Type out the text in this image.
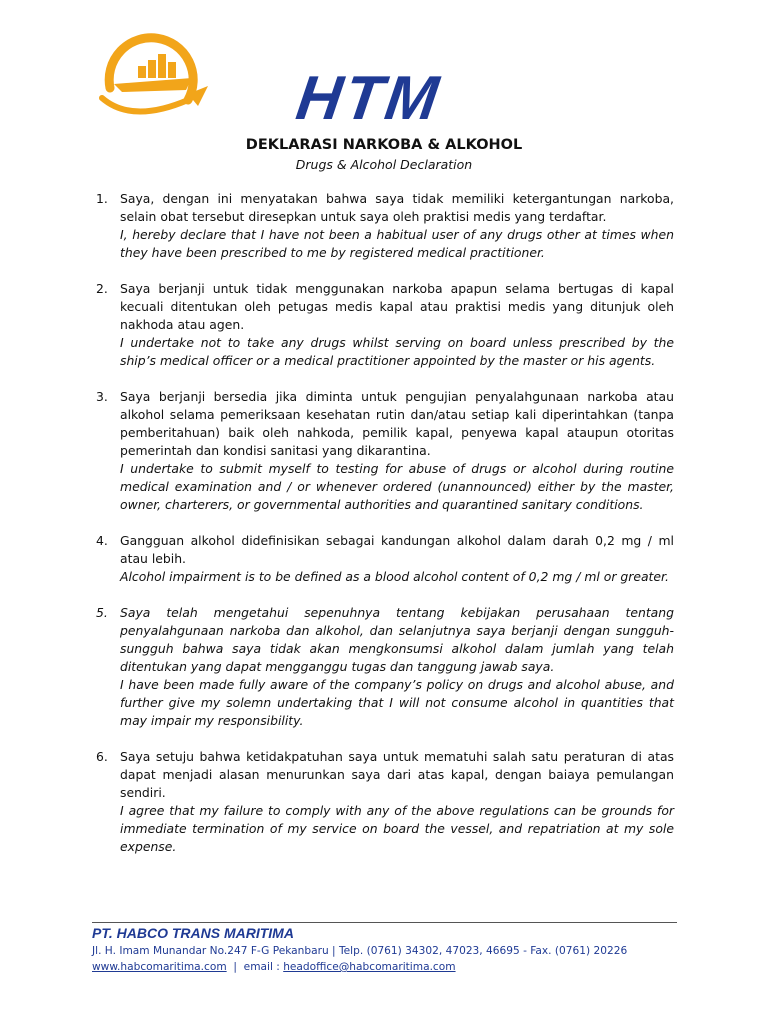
HTM
DEKLARASI NARKOBA & ALKOHOL
Drugs & Alcohol Declaration
1. Saya, dengan ini menyatakan bahwa saya tidak memiliki ketergantungan narkoba, selain obat tersebut diresepkan untuk saya oleh praktisi medis yang terdaftar.
I, hereby declare that I have not been a habitual user of any drugs other at times when they have been prescribed to me by registered medical practitioner.
2. Saya berjanji untuk tidak menggunakan narkoba apapun selama bertugas di kapal kecuali ditentukan oleh petugas medis kapal atau praktisi medis yang ditunjuk oleh nakhoda atau agen.
I undertake not to take any drugs whilst serving on board unless prescribed by the ship’s medical officer or a medical practitioner appointed by the master or his agents.
3. Saya berjanji bersedia jika diminta untuk pengujian penyalahgunaan narkoba atau alkohol selama pemeriksaan kesehatan rutin dan/atau setiap kali diperintahkan (tanpa pemberitahuan) baik oleh nahkoda, pemilik kapal, penyewa kapal ataupun otoritas pemerintah dan kondisi sanitasi yang dikarantina.
I undertake to submit myself to testing for abuse of drugs or alcohol during routine medical examination and / or whenever ordered (unannounced) either by the master, owner, charterers, or governmental authorities and quarantined sanitary conditions.
4. Gangguan alkohol didefinisikan sebagai kandungan alkohol dalam darah 0,2 mg / ml atau lebih.
Alcohol impairment is to be defined as a blood alcohol content of 0,2 mg / ml or greater.
5. Saya telah mengetahui sepenuhnya tentang kebijakan perusahaan tentang penyalahgunaan narkoba dan alkohol, dan selanjutnya saya berjanji dengan sungguh-sungguh bahwa saya tidak akan mengkonsumsi alkohol dalam jumlah yang telah ditentukan yang dapat mengganggu tugas dan tanggung jawab saya.
I have been made fully aware of the company’s policy on drugs and alcohol abuse, and further give my solemn undertaking that I will not consume alcohol in quantities that may impair my responsibility.
6. Saya setuju bahwa ketidakpatuhan saya untuk mematuhi salah satu peraturan di atas dapat menjadi alasan menurunkan saya dari atas kapal, dengan baiaya pemulangan sendiri.
I agree that my failure to comply with any of the above regulations can be grounds for immediate termination of my service on board the vessel, and repatriation at my sole expense.
PT. HABCO TRANS MARITIMA
Jl. H. Imam Munandar No.247 F-G Pekanbaru | Telp. (0761) 34302, 47023, 46695 - Fax. (0761) 20226
www.habcomaritima.com  |  email : headoffice@habcomaritima.com
